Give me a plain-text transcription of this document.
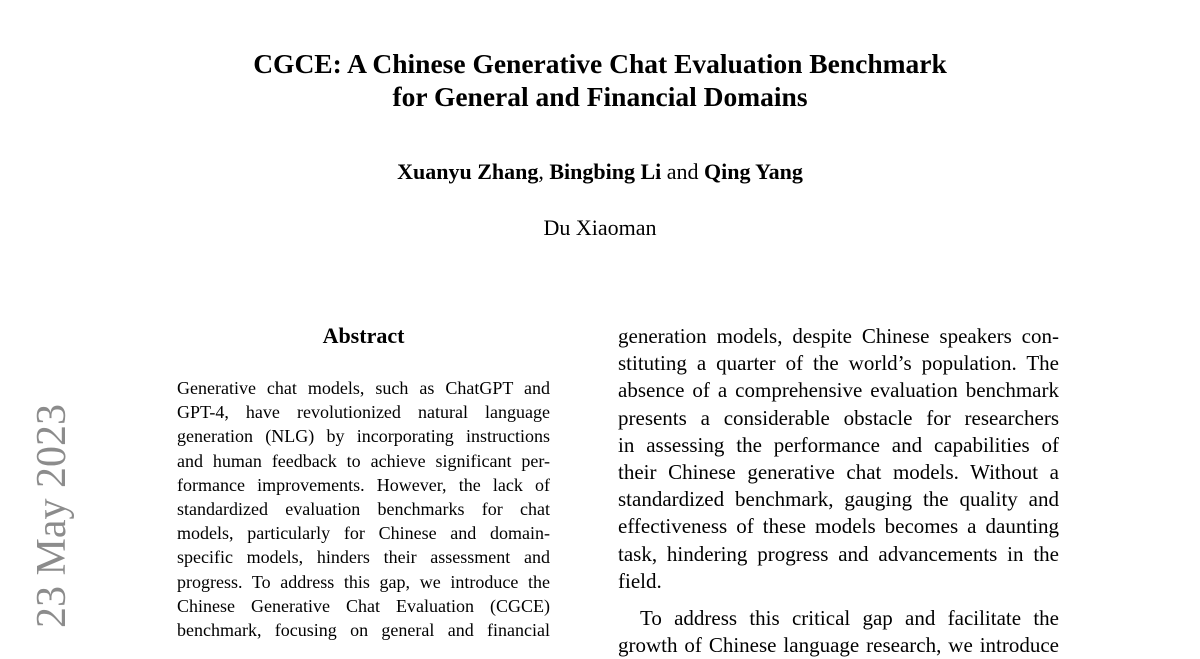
CGCE: A Chinese Generative Chat Evaluation Benchmark
for General and Financial Domains
Xuanyu Zhang, Bingbing Li and Qing Yang
Du Xiaoman
23 May 2023
Abstract
Generative chat models, such as ChatGPT and
GPT-4, have revolutionized natural language
generation (NLG) by incorporating instructions
and human feedback to achieve significant per-
formance improvements. However, the lack of
standardized evaluation benchmarks for chat
models, particularly for Chinese and domain-
specific models, hinders their assessment and
progress. To address this gap, we introduce the
Chinese Generative Chat Evaluation (CGCE)
benchmark, focusing on general and financial
generation models, despite Chinese speakers con-
stituting a quarter of the world’s population. The
absence of a comprehensive evaluation benchmark
presents a considerable obstacle for researchers
in assessing the performance and capabilities of
their Chinese generative chat models. Without a
standardized benchmark, gauging the quality and
effectiveness of these models becomes a daunting
task, hindering progress and advancements in the
field.
To address this critical gap and facilitate the
growth of Chinese language research, we introduce
